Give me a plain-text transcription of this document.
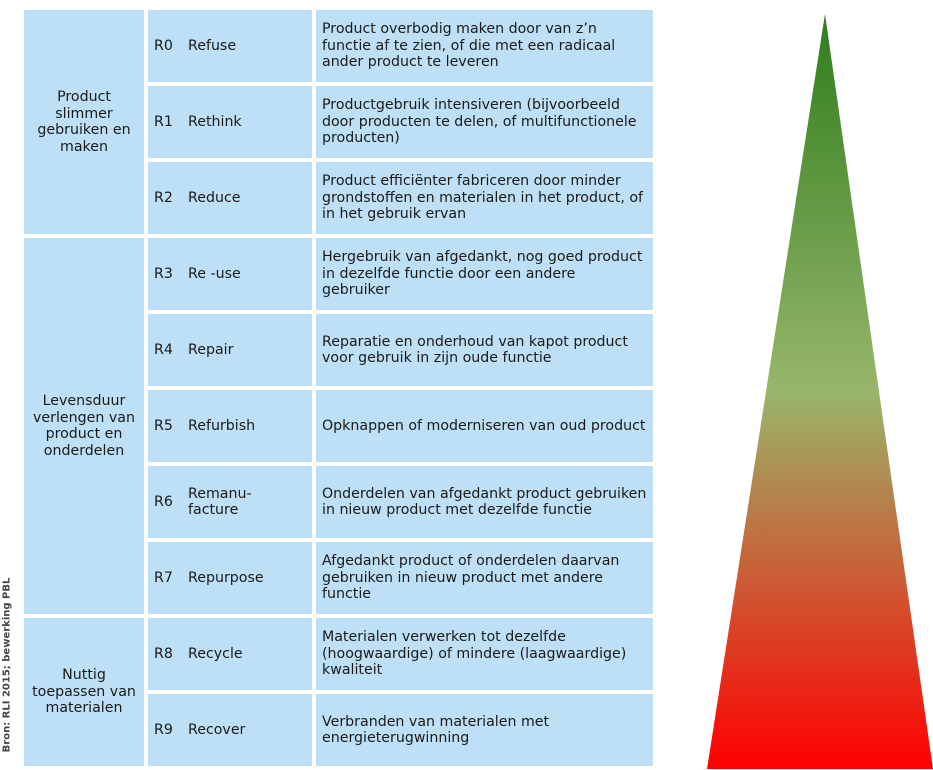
Bron: RLI 2015; bewerking PBL
Product slimmer gebruiken en maken	R0 Refuse	Product overbodig maken door van z’n functie af te zien, of die met een radicaal ander product te leveren
	R1 Rethink	Productgebruik intensiveren (bijvoorbeeld door producten te delen, of multifunctionele producten)
	R2 Reduce	Product efficiënter fabriceren door minder grondstoffen en materialen in het product, of in het gebruik ervan
Levensduur verlengen van product en onderdelen	R3 Re -use	Hergebruik van afgedankt, nog goed product in dezelfde functie door een andere gebruiker
	R4 Repair	Reparatie en onderhoud van kapot product voor gebruik in zijn oude functie
	R5 Refurbish	Opknappen of moderniseren van oud product
	R6Remanu-facture	Onderdelen van afgedankt product gebruiken in nieuw product met dezelfde functie
	R7 Repurpose	Afgedankt product of onderdelen daarvan gebruiken in nieuw product met andere functie
Nuttig toepassen van materialen	R8 Recycle	Materialen verwerken tot dezelfde (hoogwaardige) of mindere (laagwaardige) kwaliteit
	R9 Recover	Verbranden van materialen met energieterugwinning
